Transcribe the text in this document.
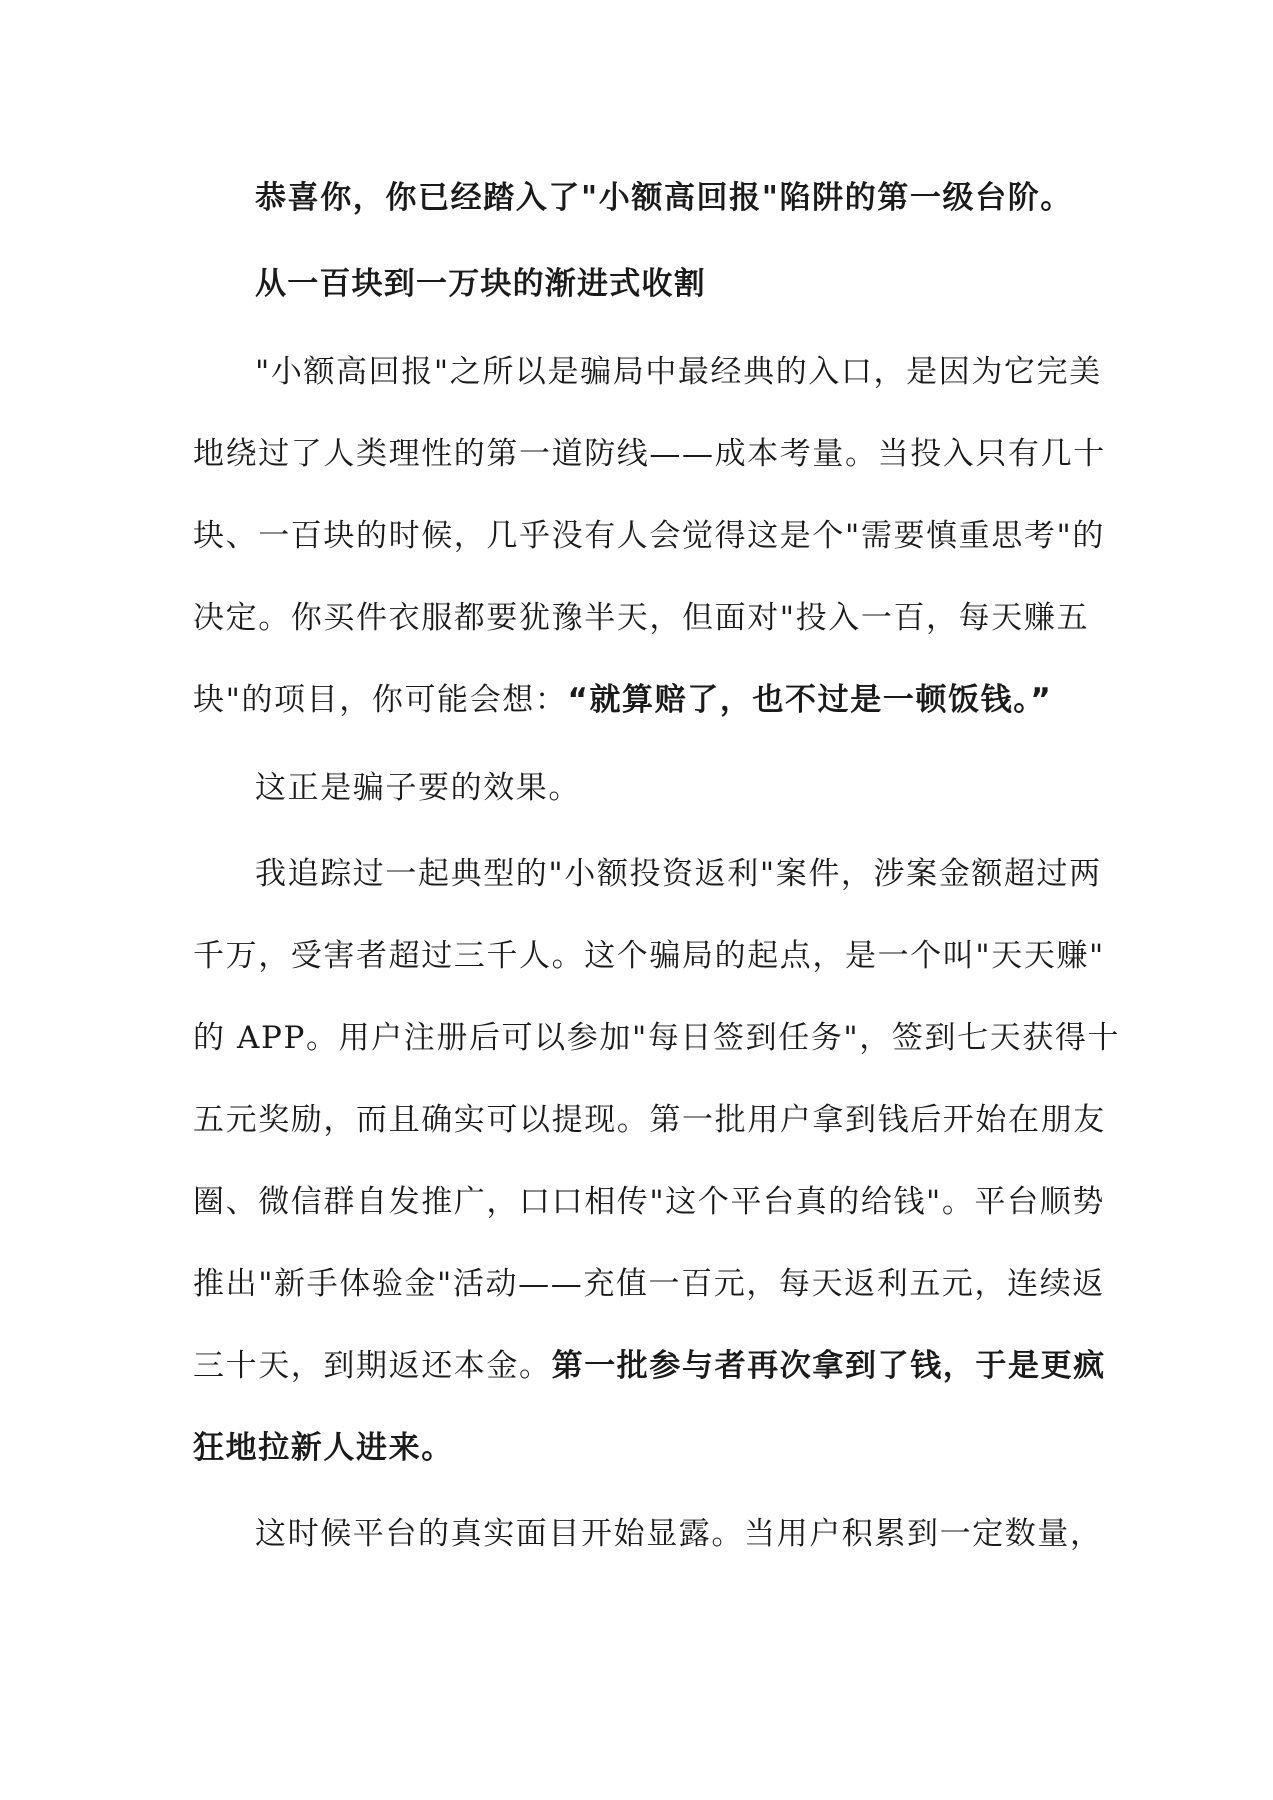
恭喜你，你已经踏入了"小额高回报"陷阱的第一级台阶。
从一百块到一万块的渐进式收割
"小额高回报"之所以是骗局中最经典的入口，是因为它完美
地绕过了人类理性的第一道防线——成本考量。当投入只有几十
块、一百块的时候，几乎没有人会觉得这是个"需要慎重思考"的
决定。你买件衣服都要犹豫半天，但面对"投入一百，每天赚五
块"的项目，你可能会想：“就算赔了，也不过是一顿饭钱。”
这正是骗子要的效果。
我追踪过一起典型的"小额投资返利"案件，涉案金额超过两
千万，受害者超过三千人。这个骗局的起点，是一个叫"天天赚"
的 APP。用户注册后可以参加"每日签到任务"，签到七天获得十
五元奖励，而且确实可以提现。第一批用户拿到钱后开始在朋友
圈、微信群自发推广，口口相传"这个平台真的给钱"。平台顺势
推出"新手体验金"活动——充值一百元，每天返利五元，连续返
三十天，到期返还本金。第一批参与者再次拿到了钱，于是更疯
狂地拉新人进来。
这时候平台的真实面目开始显露。当用户积累到一定数量，
